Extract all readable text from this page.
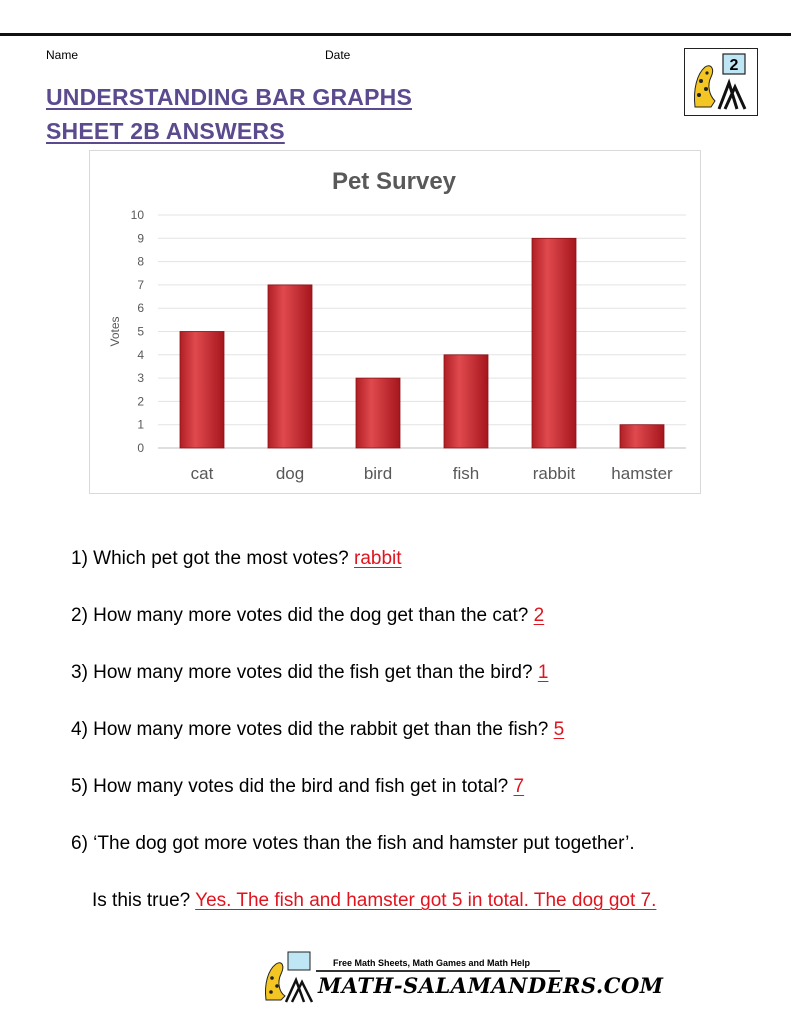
Name	Date
2
UNDERSTANDING BAR GRAPHS
SHEET 2B ANSWERS
Pet Survey
0
1
2
3
4
5
6
7
8
9
10
Votes
cat	dog	bird	fish	rabbit hamster
1) Which pet got the most votes? rabbit
2) How many more votes did the dog get than the cat? 2
3) How many more votes did the fish get than the bird? 1
4) How many more votes did the rabbit get than the fish? 5
5) How many votes did the bird and fish get in total? 7
6) ‘The dog got more votes than the fish and hamster put together’.
Is this true? Yes. The fish and hamster got 5 in total. The dog got 7.
Free Math Sheets, Math Games and Math Help
MATH-SALAMANDERS.COM
